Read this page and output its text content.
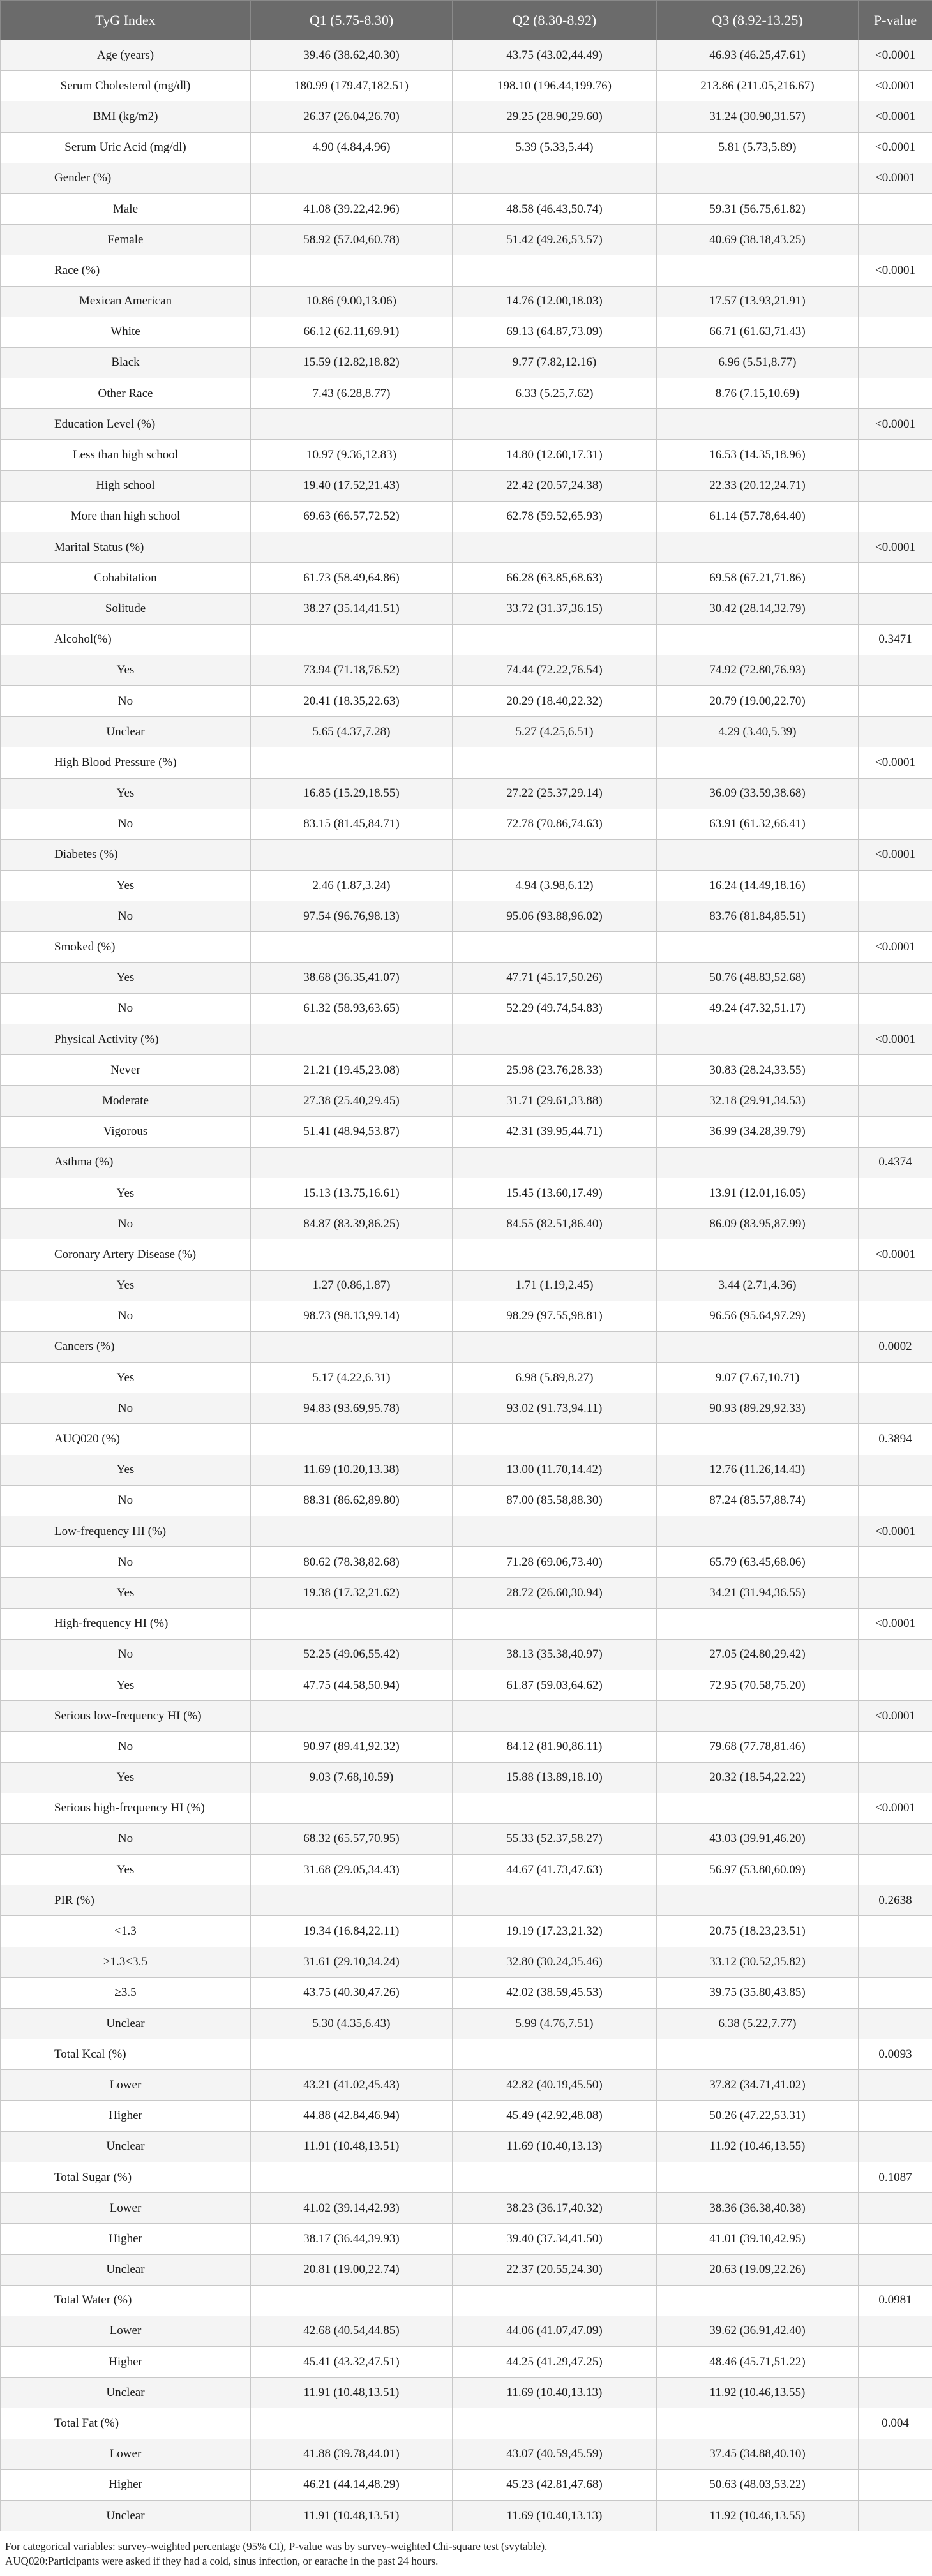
TyG Index	Q1 (5.75-8.30)	Q2 (8.30-8.92)	Q3 (8.92-13.25)	P-value
Age (years)	39.46 (38.62,40.30)	43.75 (43.02,44.49)	46.93 (46.25,47.61)	<0.0001
Serum Cholesterol (mg/dl)	180.99 (179.47,182.51)	198.10 (196.44,199.76)	213.86 (211.05,216.67)	<0.0001
BMI (kg/m2)	26.37 (26.04,26.70)	29.25 (28.90,29.60)	31.24 (30.90,31.57)	<0.0001
Serum Uric Acid (mg/dl)	4.90 (4.84,4.96)	5.39 (5.33,5.44)	5.81 (5.73,5.89)	<0.0001
Gender (%)				<0.0001
Male	41.08 (39.22,42.96)	48.58 (46.43,50.74)	59.31 (56.75,61.82)	
Female	58.92 (57.04,60.78)	51.42 (49.26,53.57)	40.69 (38.18,43.25)	
Race (%)				<0.0001
Mexican American	10.86 (9.00,13.06)	14.76 (12.00,18.03)	17.57 (13.93,21.91)	
White	66.12 (62.11,69.91)	69.13 (64.87,73.09)	66.71 (61.63,71.43)	
Black	15.59 (12.82,18.82)	9.77 (7.82,12.16)	6.96 (5.51,8.77)	
Other Race	7.43 (6.28,8.77)	6.33 (5.25,7.62)	8.76 (7.15,10.69)	
Education Level (%)				<0.0001
Less than high school	10.97 (9.36,12.83)	14.80 (12.60,17.31)	16.53 (14.35,18.96)	
High school	19.40 (17.52,21.43)	22.42 (20.57,24.38)	22.33 (20.12,24.71)	
More than high school	69.63 (66.57,72.52)	62.78 (59.52,65.93)	61.14 (57.78,64.40)	
Marital Status (%)				<0.0001
Cohabitation	61.73 (58.49,64.86)	66.28 (63.85,68.63)	69.58 (67.21,71.86)	
Solitude	38.27 (35.14,41.51)	33.72 (31.37,36.15)	30.42 (28.14,32.79)	
Alcohol(%)				0.3471
Yes	73.94 (71.18,76.52)	74.44 (72.22,76.54)	74.92 (72.80,76.93)	
No	20.41 (18.35,22.63)	20.29 (18.40,22.32)	20.79 (19.00,22.70)	
Unclear	5.65 (4.37,7.28)	5.27 (4.25,6.51)	4.29 (3.40,5.39)	
High Blood Pressure (%)				<0.0001
Yes	16.85 (15.29,18.55)	27.22 (25.37,29.14)	36.09 (33.59,38.68)	
No	83.15 (81.45,84.71)	72.78 (70.86,74.63)	63.91 (61.32,66.41)	
Diabetes (%)				<0.0001
Yes	2.46 (1.87,3.24)	4.94 (3.98,6.12)	16.24 (14.49,18.16)	
No	97.54 (96.76,98.13)	95.06 (93.88,96.02)	83.76 (81.84,85.51)	
Smoked (%)				<0.0001
Yes	38.68 (36.35,41.07)	47.71 (45.17,50.26)	50.76 (48.83,52.68)	
No	61.32 (58.93,63.65)	52.29 (49.74,54.83)	49.24 (47.32,51.17)	
Physical Activity (%)				<0.0001
Never	21.21 (19.45,23.08)	25.98 (23.76,28.33)	30.83 (28.24,33.55)	
Moderate	27.38 (25.40,29.45)	31.71 (29.61,33.88)	32.18 (29.91,34.53)	
Vigorous	51.41 (48.94,53.87)	42.31 (39.95,44.71)	36.99 (34.28,39.79)	
Asthma (%)				0.4374
Yes	15.13 (13.75,16.61)	15.45 (13.60,17.49)	13.91 (12.01,16.05)	
No	84.87 (83.39,86.25)	84.55 (82.51,86.40)	86.09 (83.95,87.99)	
Coronary Artery Disease (%)				<0.0001
Yes	1.27 (0.86,1.87)	1.71 (1.19,2.45)	3.44 (2.71,4.36)	
No	98.73 (98.13,99.14)	98.29 (97.55,98.81)	96.56 (95.64,97.29)	
Cancers (%)				0.0002
Yes	5.17 (4.22,6.31)	6.98 (5.89,8.27)	9.07 (7.67,10.71)	
No	94.83 (93.69,95.78)	93.02 (91.73,94.11)	90.93 (89.29,92.33)	
AUQ020 (%)				0.3894
Yes	11.69 (10.20,13.38)	13.00 (11.70,14.42)	12.76 (11.26,14.43)	
No	88.31 (86.62,89.80)	87.00 (85.58,88.30)	87.24 (85.57,88.74)	
Low-frequency HI (%)				<0.0001
No	80.62 (78.38,82.68)	71.28 (69.06,73.40)	65.79 (63.45,68.06)	
Yes	19.38 (17.32,21.62)	28.72 (26.60,30.94)	34.21 (31.94,36.55)	
High-frequency HI (%)				<0.0001
No	52.25 (49.06,55.42)	38.13 (35.38,40.97)	27.05 (24.80,29.42)	
Yes	47.75 (44.58,50.94)	61.87 (59.03,64.62)	72.95 (70.58,75.20)	
Serious low-frequency HI (%)				<0.0001
No	90.97 (89.41,92.32)	84.12 (81.90,86.11)	79.68 (77.78,81.46)	
Yes	9.03 (7.68,10.59)	15.88 (13.89,18.10)	20.32 (18.54,22.22)	
Serious high-frequency HI (%)				<0.0001
No	68.32 (65.57,70.95)	55.33 (52.37,58.27)	43.03 (39.91,46.20)	
Yes	31.68 (29.05,34.43)	44.67 (41.73,47.63)	56.97 (53.80,60.09)	
PIR (%)				0.2638
<1.3	19.34 (16.84,22.11)	19.19 (17.23,21.32)	20.75 (18.23,23.51)	
≥1.3<3.5	31.61 (29.10,34.24)	32.80 (30.24,35.46)	33.12 (30.52,35.82)	
≥3.5	43.75 (40.30,47.26)	42.02 (38.59,45.53)	39.75 (35.80,43.85)	
Unclear	5.30 (4.35,6.43)	5.99 (4.76,7.51)	6.38 (5.22,7.77)	
Total Kcal (%)				0.0093
Lower	43.21 (41.02,45.43)	42.82 (40.19,45.50)	37.82 (34.71,41.02)	
Higher	44.88 (42.84,46.94)	45.49 (42.92,48.08)	50.26 (47.22,53.31)	
Unclear	11.91 (10.48,13.51)	11.69 (10.40,13.13)	11.92 (10.46,13.55)	
Total Sugar (%)				0.1087
Lower	41.02 (39.14,42.93)	38.23 (36.17,40.32)	38.36 (36.38,40.38)	
Higher	38.17 (36.44,39.93)	39.40 (37.34,41.50)	41.01 (39.10,42.95)	
Unclear	20.81 (19.00,22.74)	22.37 (20.55,24.30)	20.63 (19.09,22.26)	
Total Water (%)				0.0981
Lower	42.68 (40.54,44.85)	44.06 (41.07,47.09)	39.62 (36.91,42.40)	
Higher	45.41 (43.32,47.51)	44.25 (41.29,47.25)	48.46 (45.71,51.22)	
Unclear	11.91 (10.48,13.51)	11.69 (10.40,13.13)	11.92 (10.46,13.55)	
Total Fat (%)				0.004
Lower	41.88 (39.78,44.01)	43.07 (40.59,45.59)	37.45 (34.88,40.10)	
Higher	46.21 (44.14,48.29)	45.23 (42.81,47.68)	50.63 (48.03,53.22)	
Unclear	11.91 (10.48,13.51)	11.69 (10.40,13.13)	11.92 (10.46,13.55)	
For categorical variables: survey-weighted percentage (95% CI), P-value was by survey-weighted Chi-square test (svytable).
AUQ020:Participants were asked if they had a cold, sinus infection, or earache in the past 24 hours.
